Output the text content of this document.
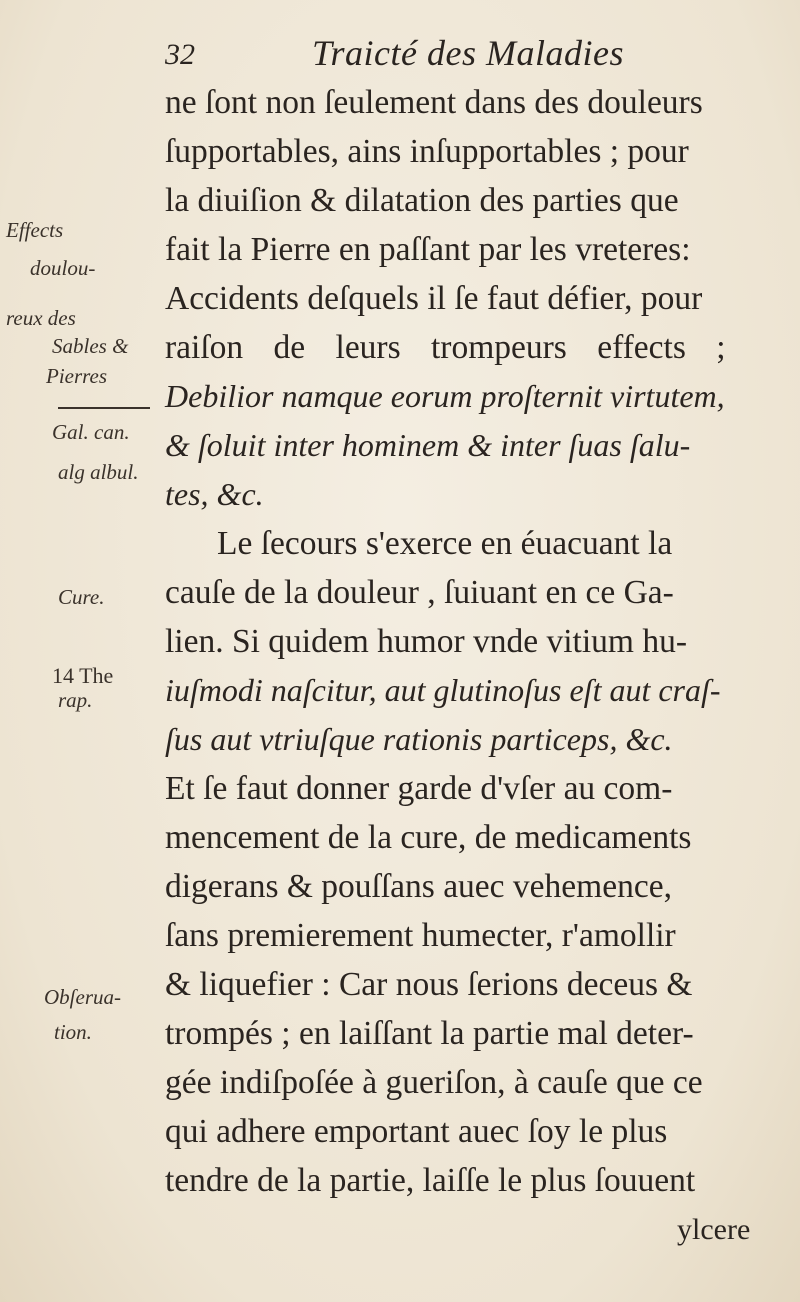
32	Traicté des Maladies
Effects
doulou-
reux des
Sables &
Pierres
Gal. can.
alg albul.
Cure.
14 The
rap.
Obſerua-
tion.
ne ſont non ſeulement dans des douleurs
ſupportables, ains inſupportables ; pour
la diuiſion & dilatation des parties que
fait la Pierre en paſſant par les vreteres:
Accidents deſquels il ſe faut défier, pour
raiſon de leurs trompeurs effects ;
Debilior namque eorum proſternit virtutem,
& ſoluit inter hominem & inter ſuas ſalu-
tes, &c.
Le ſecours s'exerce en éuacuant la
cauſe de la douleur , ſuiuant en ce Ga-
lien. Si quidem humor vnde vitium hu-
iuſmodi naſcitur, aut glutinoſus eſt aut craſ-
ſus aut vtriuſque rationis particeps, &c.
Et ſe faut donner garde d'vſer au com-
mencement de la cure, de medicaments
digerans & pouſſans auec vehemence,
ſans premierement humecter, r'amollir
& liquefier : Car nous ſerions deceus &
trompés ; en laiſſant la partie mal deter-
gée indiſpoſée à gueriſon, à cauſe que ce
qui adhere emportant auec ſoy le plus
tendre de la partie, laiſſe le plus ſouuent
ylcere
